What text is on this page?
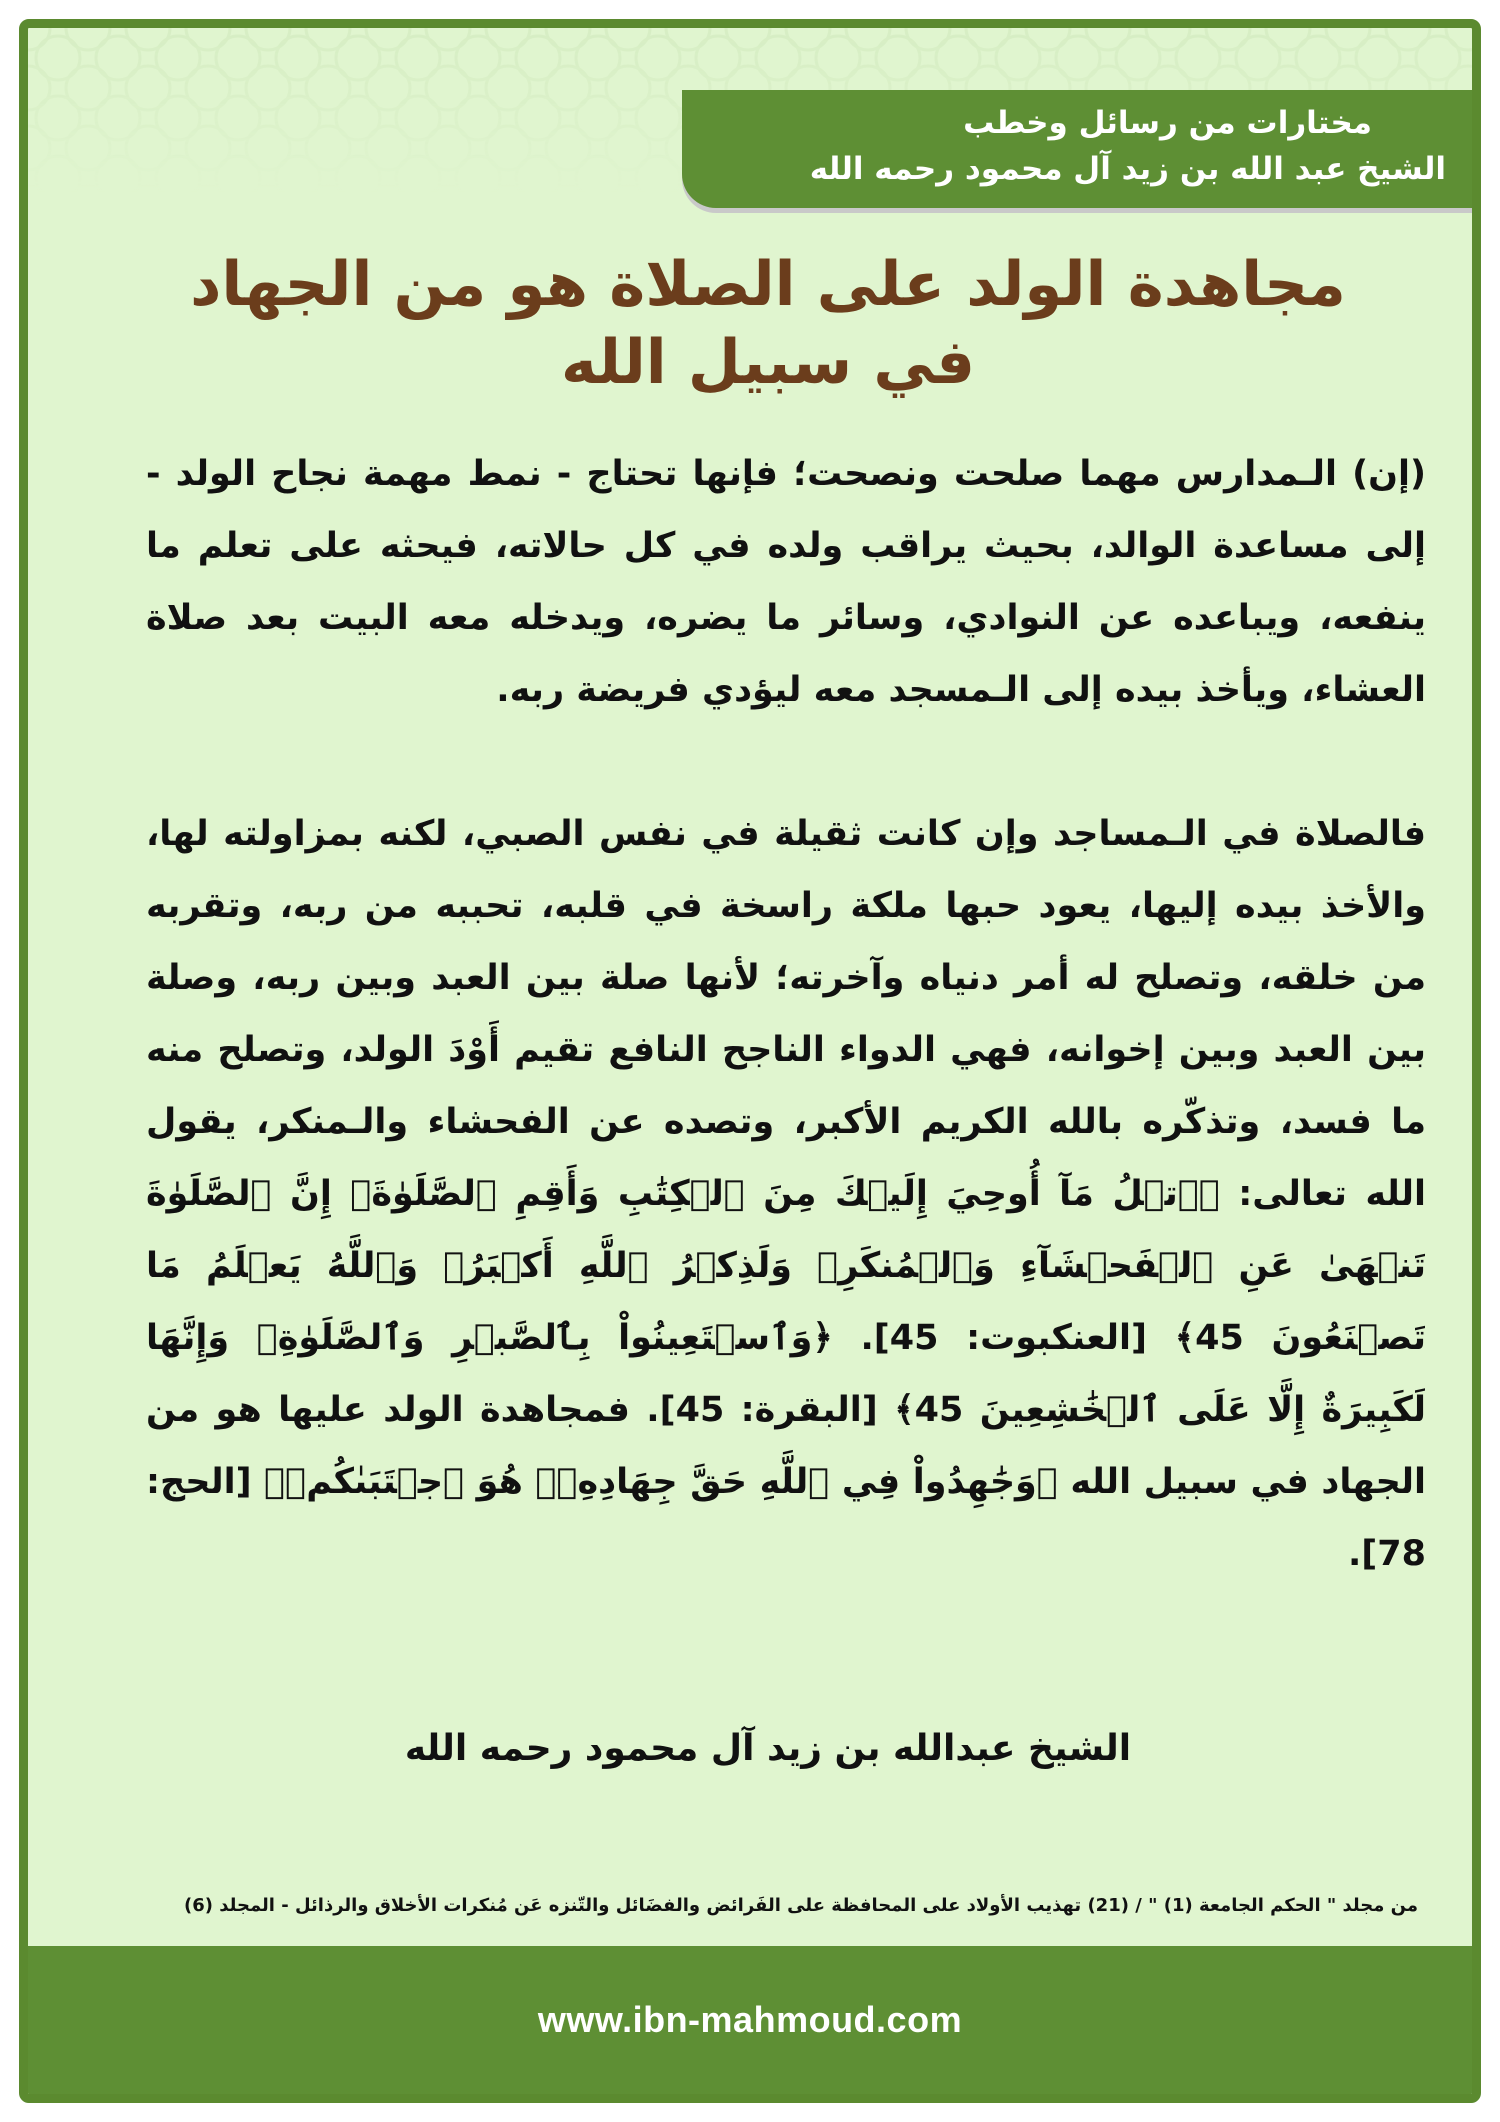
مختارات من رسائل وخطب
الشيخ عبد الله بن زيد آل محمود رحمه الله
مجاهدة الولد على الصلاة هو من الجهاد في سبيل الله

(إن) الـمدارس مهما صلحت ونصحت؛ فإنها تحتاج - نمط مهمة نجاح الولد - إلى مساعدة الوالد، بحيث يراقب ولده في كل حالاته، فيحثه على تعلم ما ينفعه، ويباعده عن النوادي، وسائر ما يضره، ويدخله معه البيت بعد صلاة العشاء، ويأخذ بيده إلى الـمسجد معه ليؤدي فريضة ربه.

فالصلاة في الـمساجد وإن كانت ثقيلة في نفس الصبي، لكنه بمزاولته لها، والأخذ بيده إليها، يعود حبها ملكة راسخة في قلبه، تحببه من ربه، وتقربه من خلقه، وتصلح له أمر دنياه وآخرته؛ لأنها صلة بين العبد وبين ربه، وصلة بين العبد وبين إخوانه، فهي الدواء الناجح النافع تقيم أَوْدَ الولد، وتصلح منه ما فسد، وتذكّره بالله الكريم الأكبر، وتصده عن الفحشاء والـمنكر، يقول الله تعالى: ﴿ٱتۡلُ مَآ أُوحِيَ إِلَيۡكَ مِنَ ٱلۡكِتَٰبِ وَأَقِمِ ٱلصَّلَوٰةَۖ إِنَّ ٱلصَّلَوٰةَ تَنۡهَىٰ عَنِ ٱلۡفَحۡشَآءِ وَٱلۡمُنكَرِۗ وَلَذِكۡرُ ٱللَّهِ أَكۡبَرُۗ وَٱللَّهُ يَعۡلَمُ مَا تَصۡنَعُونَ 45﴾ [العنكبوت: 45]. ﴿وَٱسۡتَعِينُواْ بِٱلصَّبۡرِ وَٱلصَّلَوٰةِۚ وَإِنَّهَا لَكَبِيرَةٌ إِلَّا عَلَى ٱلۡخَٰشِعِينَ 45﴾ [البقرة: 45]. فمجاهدة الولد عليها هو من الجهاد في سبيل الله ﴿وَجَٰهِدُواْ فِي ٱللَّهِ حَقَّ جِهَادِهِۦۚ هُوَ ٱجۡتَبَىٰكُمۡ﴾ [الحج: 78].

الشيخ عبدالله بن زيد آل محمود رحمه الله
من مجلد " الحكم الجامعة (1) " / (21) تهذيب الأولاد على المحافظة على الفَرائض والفضَائل والتّنزه عَن مُنكرات الأخلاق والرذائل - المجلد (6)
www.ibn-mahmoud.com
